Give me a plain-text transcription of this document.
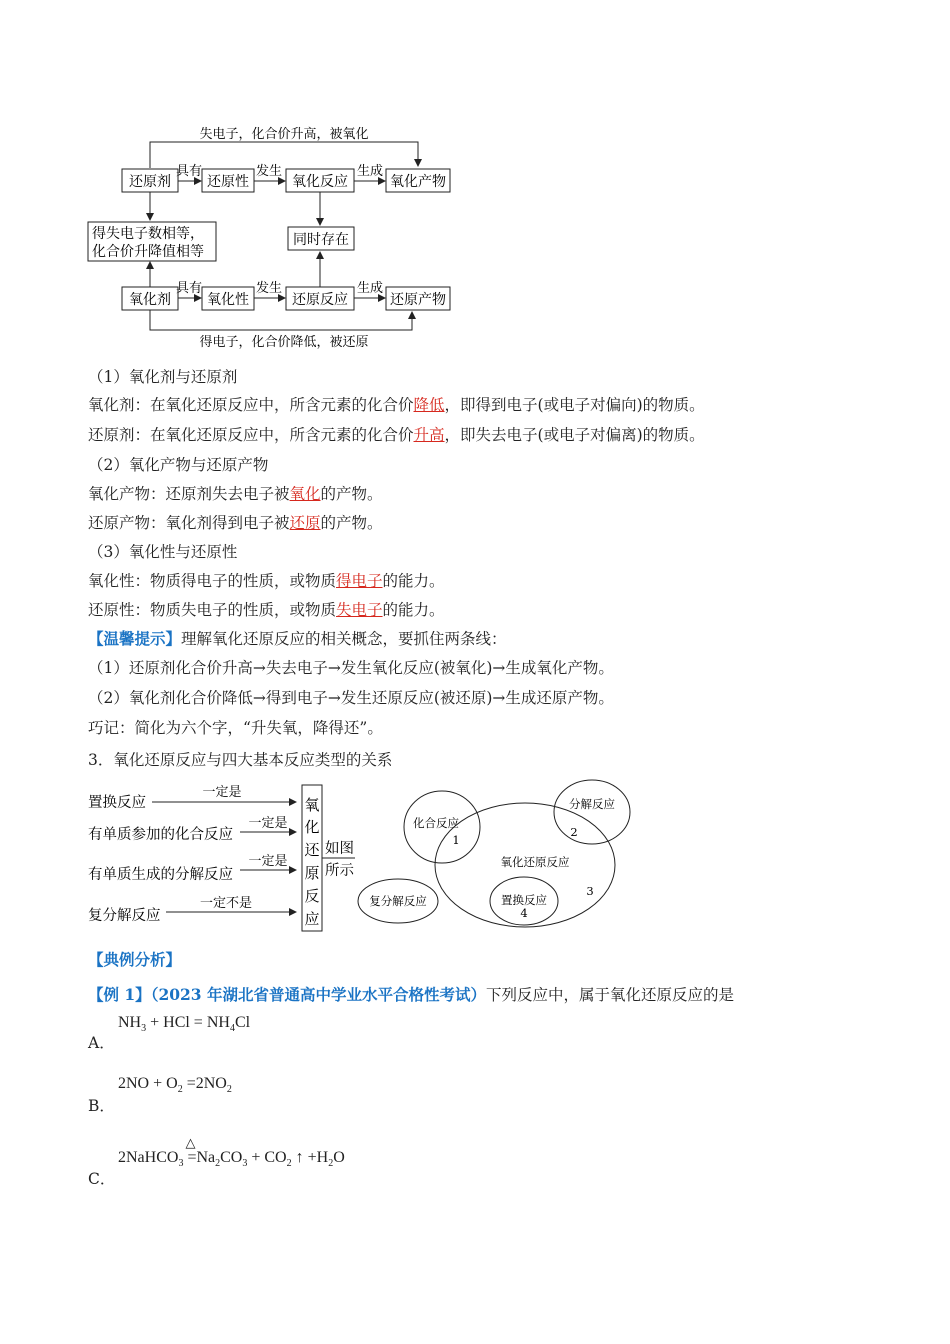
失电子，化合价升高，被氧化
还原剂	还原性	氧化反应	氧化产物
具有	发生	生成
得失电子数相等，
化合价升降值相等
同时存在
氧化剂	氧化性	还原反应	还原产物
具有	发生	生成
得电子，化合价降低，被还原
（1）氧化剂与还原剂
氧化剂：在氧化还原反应中，所含元素的化合价降低，即得到电子(或电子对偏向)的物质。
还原剂：在氧化还原反应中，所含元素的化合价升高，即失去电子(或电子对偏离)的物质。
（2）氧化产物与还原产物
氧化产物：还原剂失去电子被氧化的产物。
还原产物：氧化剂得到电子被还原的产物。
（3）氧化性与还原性
氧化性：物质得电子的性质，或物质得电子的能力。
还原性：物质失电子的性质，或物质失电子的能力。
【温馨提示】理解氧化还原反应的相关概念，要抓住两条线：
（1）还原剂化合价升高→失去电子→发生氧化反应(被氧化)→生成氧化产物。
（2）氧化剂化合价降低→得到电子→发生还原反应(被还原)→生成还原产物。
巧记：简化为六个字，“升失氧，降得还”。
3．氧化还原反应与四大基本反应类型的关系
置换反应
一定是
有单质参加的化合反应
一定是
有单质生成的分解反应
一定是
复分解反应
一定不是
氧
化
还
原
反
应
如图
所示
化合反应
1
分解反应
2
氧化还原反应
3
复分解反应	置换反应
4
【典例分析】
【例 1】（2023 年湖北省普通高中学业水平合格性考试）下列反应中，属于氧化还原反应的是
A．
$NH_3$ + HCl = $NH_4Cl$
B．
$2NO + O_2 =2NO_2$
C．
2NaHCO$_3$
△
$=Na_2CO_3 + CO_2$ ↑ $+H_2O$
